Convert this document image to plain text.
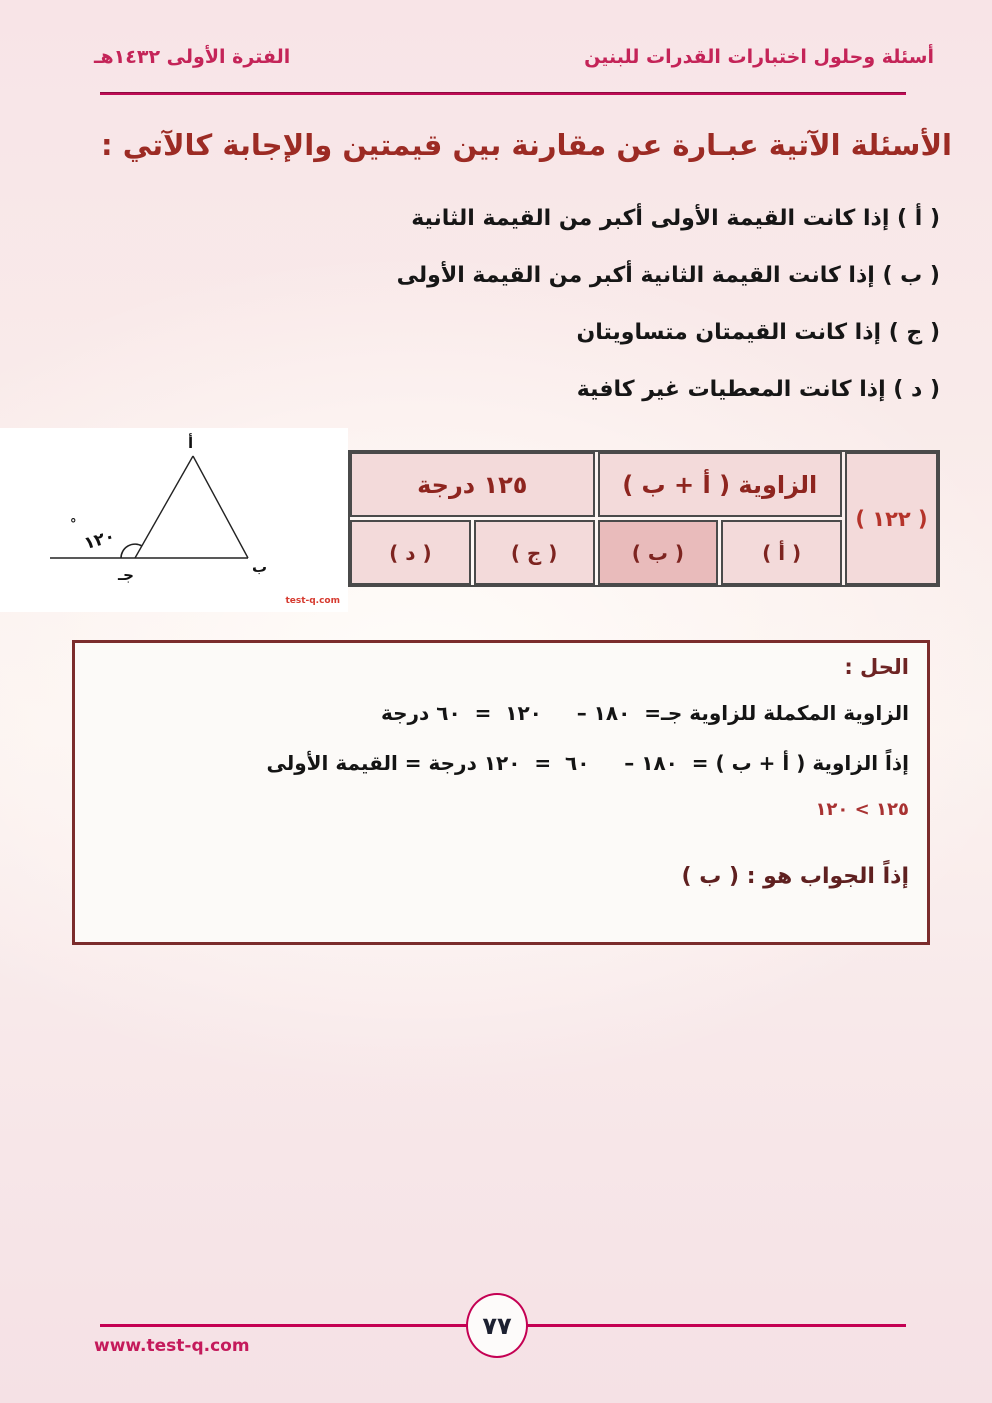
أسئلة وحلول اختبارات القدرات للبنين
الفترة الأولى ١٤٣٢هـ
الأسئلة الآتية عبـارة عن مقارنة بين قيمتين والإجابة كالآتي :
( أ ) إذا كانت القيمة الأولى أكبر من القيمة الثانية
( ب ) إذا كانت القيمة الثانية أكبر من القيمة الأولى
( ج ) إذا كانت القيمتان متساويتان
( د ) إذا كانت المعطيات غير كافية
أ
ب
جـ
١٢٠
°
test-q.com
( ١٢٢ )
الزاوية ( أ + ب )
١٢٥ درجة
( أ )
( ب )
( ج )
( د )
الحل :
الزاوية المكملة للزاوية جـ=  ١٨٠ –     ١٢٠  =  ٦٠ درجة
إذاً الزاوية ( أ + ب ) =  ١٨٠ –     ٦٠  =  ١٢٠ درجة = القيمة الأولى
١٢٥ > ١٢٠
إذاً الجواب هو : ( ب )
٧٧
www.test-q.com
